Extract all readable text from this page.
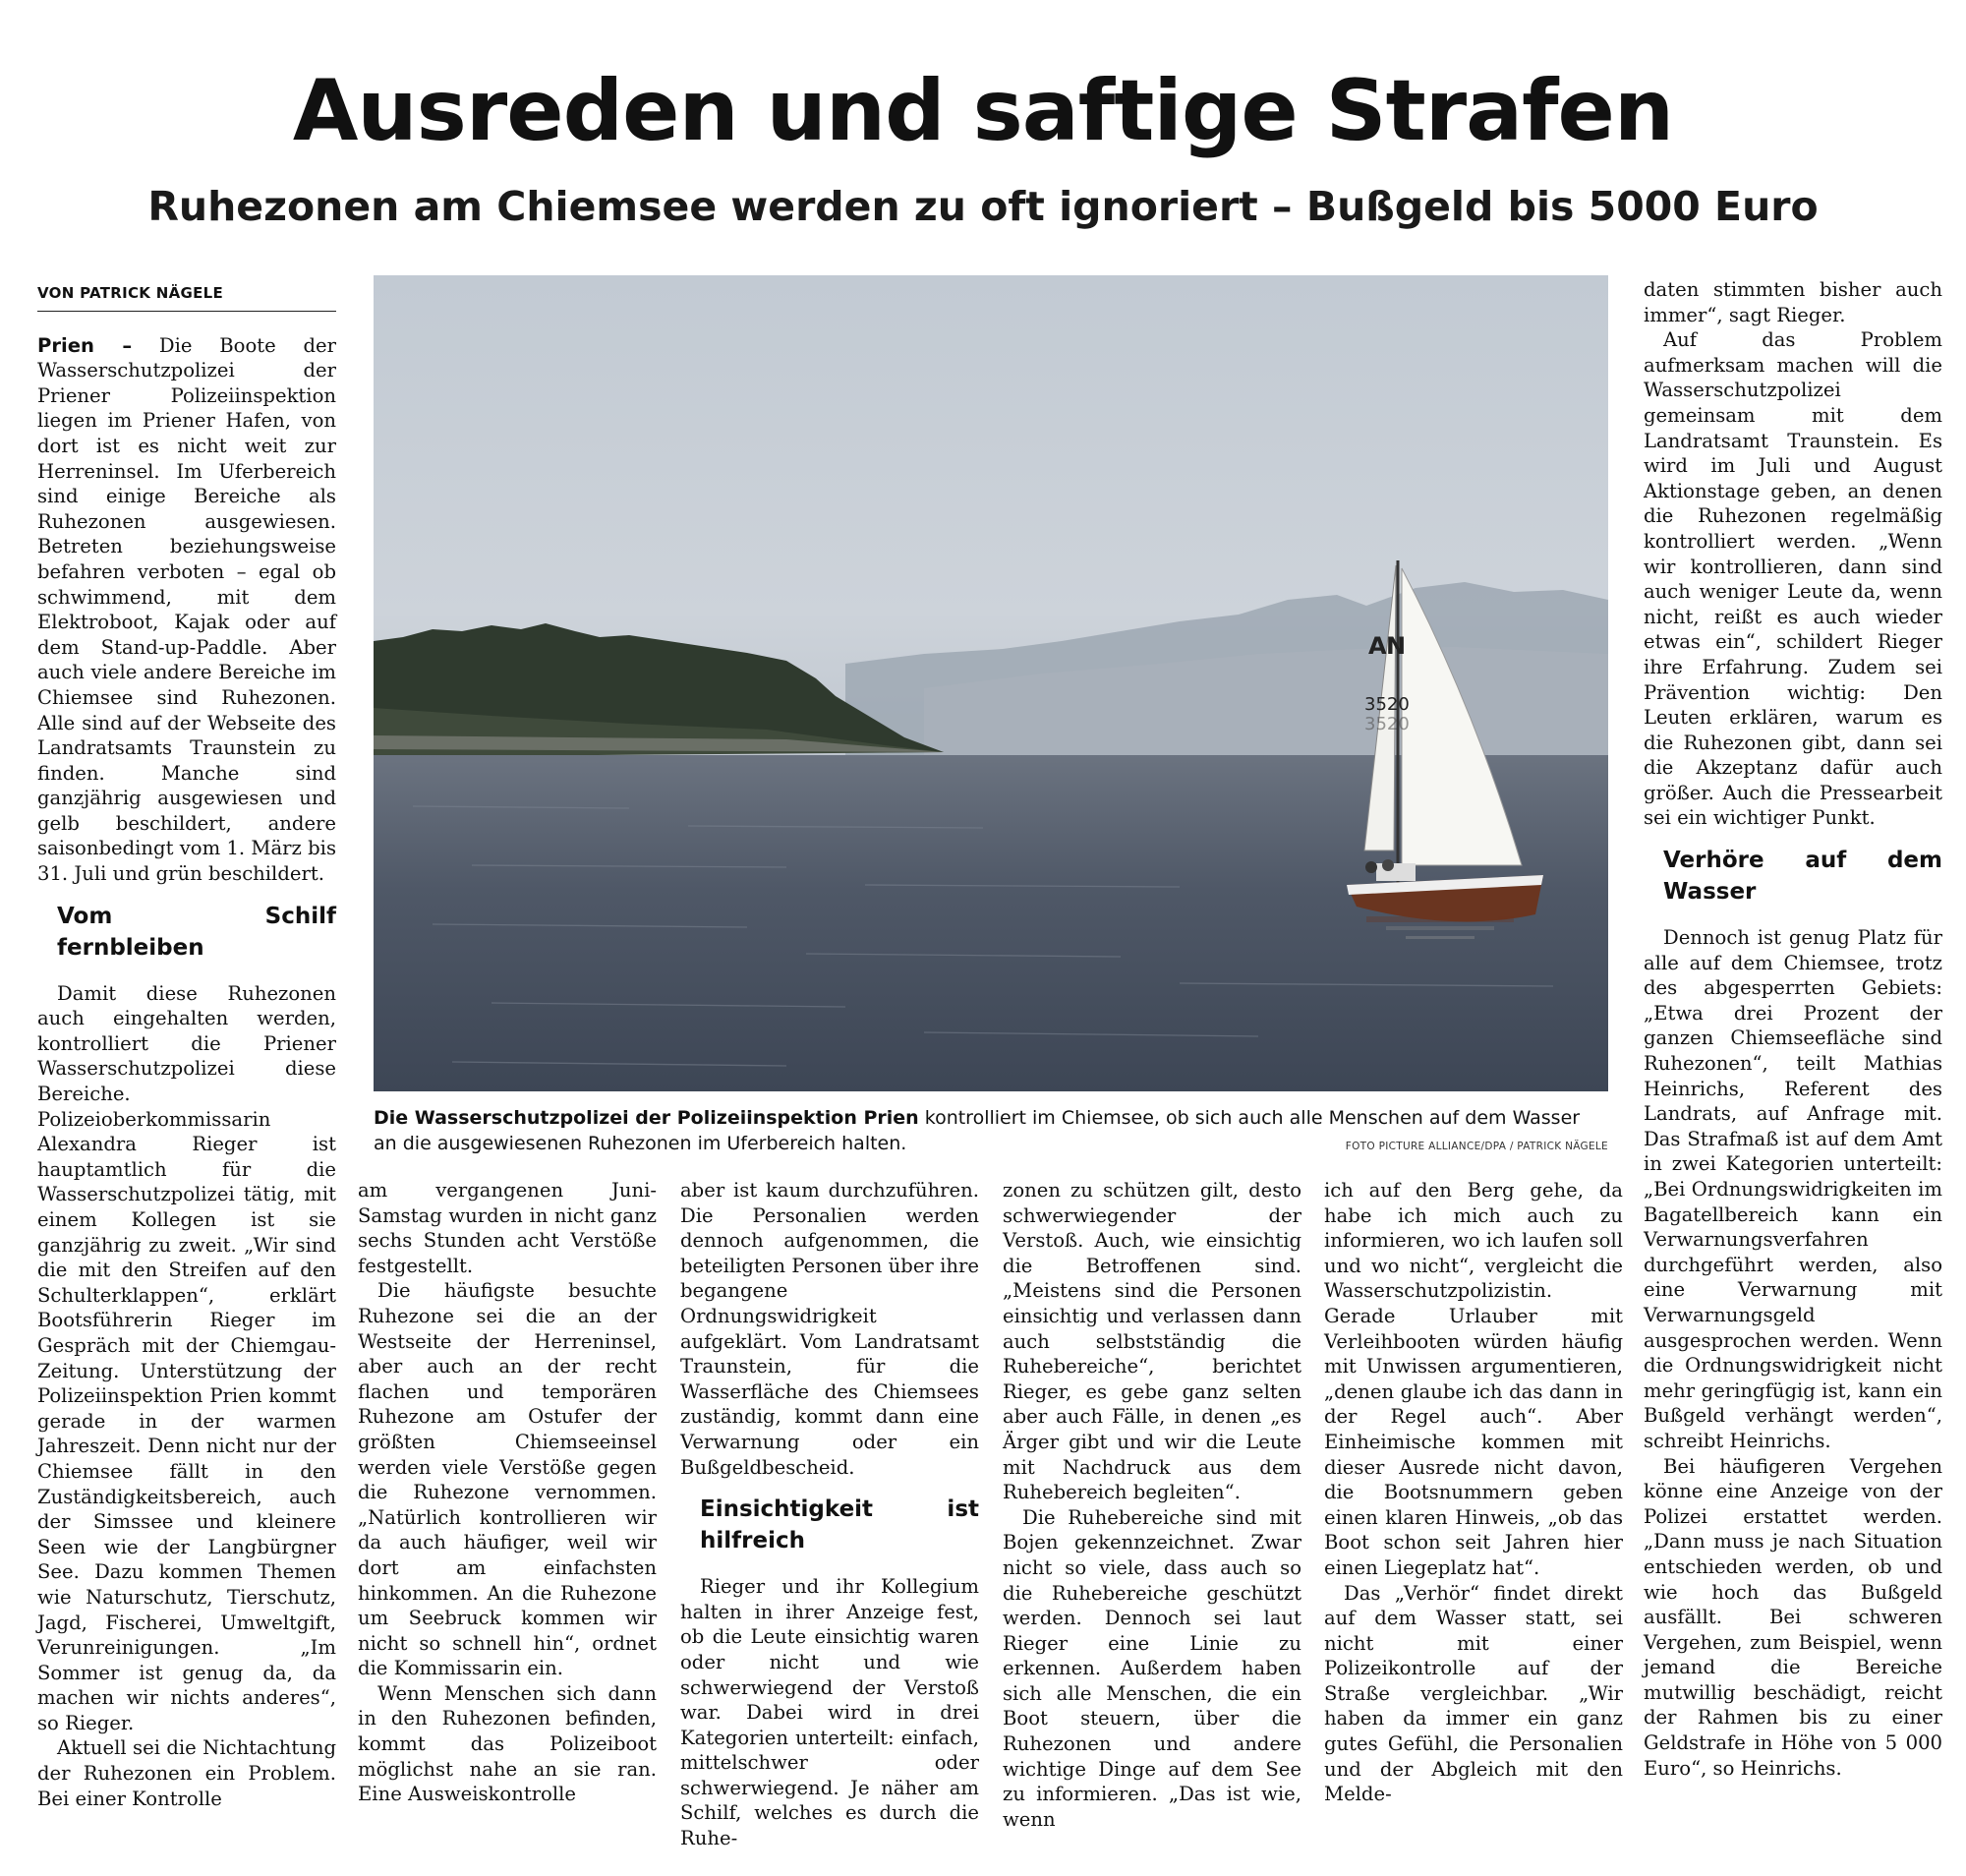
Ausreden und saftige Strafen
Ruhezonen am Chiemsee werden zu oft ignoriert – Bußgeld bis 5000 Euro
VON PATRICK NÄGELE

Prien – Die Boote der Wasserschutzpolizei der Priener Polizeiinspektion liegen im Priener Hafen, von dort ist es nicht weit zur Herreninsel. Im Uferbereich sind einige Bereiche als Ruhezonen ausgewiesen. Betreten beziehungsweise befahren verboten – egal ob schwimmend, mit dem Elektroboot, Kajak oder auf dem Stand-up-Paddle. Aber auch viele andere Bereiche im Chiemsee sind Ruhezonen. Alle sind auf der Webseite des Landratsamts Traunstein zu finden. Manche sind ganzjährig ausgewiesen und gelb beschildert, andere saisonbedingt vom 1. März bis 31. Juli und grün beschildert.

Vom Schilf fernbleiben

Damit diese Ruhezonen auch eingehalten werden, kontrolliert die Priener Wasserschutzpolizei diese Bereiche. Polizeioberkommissarin Alexandra Rieger ist hauptamtlich für die Wasserschutzpolizei tätig, mit einem Kollegen ist sie ganzjährig zu zweit. „Wir sind die mit den Streifen auf den Schulterklappen“, erklärt Bootsführerin Rieger im Gespräch mit der Chiemgau-Zeitung. Unterstützung der Polizeiinspektion Prien kommt gerade in der warmen Jahreszeit. Denn nicht nur der Chiemsee fällt in den Zuständigkeitsbereich, auch der Simssee und kleinere Seen wie der Langbürgner See. Dazu kommen Themen wie Naturschutz, Tierschutz, Jagd, Fischerei, Umweltgift, Verunreinigungen. „Im Sommer ist genug da, da machen wir nichts anderes“, so Rieger.

Aktuell sei die Nichtachtung der Ruhezonen ein Problem. Bei einer Kontrolle

A N
3520
3520

Die Wasserschutzpolizei der Polizeiinspektion Prien kontrolliert im Chiemsee, ob sich auch alle Menschen auf dem Wasser an die ausgewiesenen Ruhezonen im Uferbereich halten.	FOTO PICTURE ALLIANCE/DPA / PATRICK NÄGELE

am vergangenen Juni-Samstag wurden in nicht ganz sechs Stunden acht Verstöße festgestellt.

Die häufigste besuchte Ruhezone sei die an der Westseite der Herreninsel, aber auch an der recht flachen und temporären Ruhezone am Ostufer der größten Chiemseeinsel werden viele Verstöße gegen die Ruhezone vernommen. „Natürlich kontrollieren wir da auch häufiger, weil wir dort am einfachsten hinkommen. An die Ruhezone um Seebruck kommen wir nicht so schnell hin“, ordnet die Kommissarin ein.

Wenn Menschen sich dann in den Ruhezonen befinden, kommt das Polizeiboot möglichst nahe an sie ran. Eine Ausweiskontrolle

aber ist kaum durchzuführen. Die Personalien werden dennoch aufgenommen, die beteiligten Personen über ihre begangene Ordnungswidrigkeit aufgeklärt. Vom Landratsamt Traunstein, für die Wasserfläche des Chiemsees zuständig, kommt dann eine Verwarnung oder ein Bußgeldbescheid.

Einsichtigkeit ist hilfreich

Rieger und ihr Kollegium halten in ihrer Anzeige fest, ob die Leute einsichtig waren oder nicht und wie schwerwiegend der Verstoß war. Dabei wird in drei Kategorien unterteilt: einfach, mittelschwer oder schwerwiegend. Je näher am Schilf, welches es durch die Ruhe-

zonen zu schützen gilt, desto schwerwiegender der Verstoß. Auch, wie einsichtig die Betroffenen sind. „Meistens sind die Personen einsichtig und verlassen dann auch selbstständig die Ruhebereiche“, berichtet Rieger, es gebe ganz selten aber auch Fälle, in denen „es Ärger gibt und wir die Leute mit Nachdruck aus dem Ruhebereich begleiten“.

Die Ruhebereiche sind mit Bojen gekennzeichnet. Zwar nicht so viele, dass auch so die Ruhebereiche geschützt werden. Dennoch sei laut Rieger eine Linie zu erkennen. Außerdem haben sich alle Menschen, die ein Boot steuern, über die Ruhezonen und andere wichtige Dinge auf dem See zu informieren. „Das ist wie, wenn

ich auf den Berg gehe, da habe ich mich auch zu informieren, wo ich laufen soll und wo nicht“, vergleicht die Wasserschutzpolizistin. Gerade Urlauber mit Verleihbooten würden häufig mit Unwissen argumentieren, „denen glaube ich das dann in der Regel auch“. Aber Einheimische kommen mit dieser Ausrede nicht davon, die Bootsnummern geben einen klaren Hinweis, „ob das Boot schon seit Jahren hier einen Liegeplatz hat“.

Das „Verhör“ findet direkt auf dem Wasser statt, sei nicht mit einer Polizeikontrolle auf der Straße vergleichbar. „Wir haben da immer ein ganz gutes Gefühl, die Personalien und der Abgleich mit den Melde-

daten stimmten bisher auch immer“, sagt Rieger.

Auf das Problem aufmerksam machen will die Wasserschutzpolizei gemeinsam mit dem Landratsamt Traunstein. Es wird im Juli und August Aktionstage geben, an denen die Ruhezonen regelmäßig kontrolliert werden. „Wenn wir kontrollieren, dann sind auch weniger Leute da, wenn nicht, reißt es auch wieder etwas ein“, schildert Rieger ihre Erfahrung. Zudem sei Prävention wichtig: Den Leuten erklären, warum es die Ruhezonen gibt, dann sei die Akzeptanz dafür auch größer. Auch die Pressearbeit sei ein wichtiger Punkt.

Verhöre auf dem Wasser

Dennoch ist genug Platz für alle auf dem Chiemsee, trotz des abgesperrten Gebiets: „Etwa drei Prozent der ganzen Chiemseefläche sind Ruhezonen“, teilt Mathias Heinrichs, Referent des Landrats, auf Anfrage mit. Das Strafmaß ist auf dem Amt in zwei Kategorien unterteilt: „Bei Ordnungswidrigkeiten im Bagatellbereich kann ein Verwarnungsverfahren durchgeführt werden, also eine Verwarnung mit Verwarnungsgeld ausgesprochen werden. Wenn die Ordnungswidrigkeit nicht mehr geringfügig ist, kann ein Bußgeld verhängt werden“, schreibt Heinrichs.

Bei häufigeren Vergehen könne eine Anzeige von der Polizei erstattet werden. „Dann muss je nach Situation entschieden werden, ob und wie hoch das Bußgeld ausfällt. Bei schweren Vergehen, zum Beispiel, wenn jemand die Bereiche mutwillig beschädigt, reicht der Rahmen bis zu einer Geldstrafe in Höhe von 5 000 Euro“, so Heinrichs.
